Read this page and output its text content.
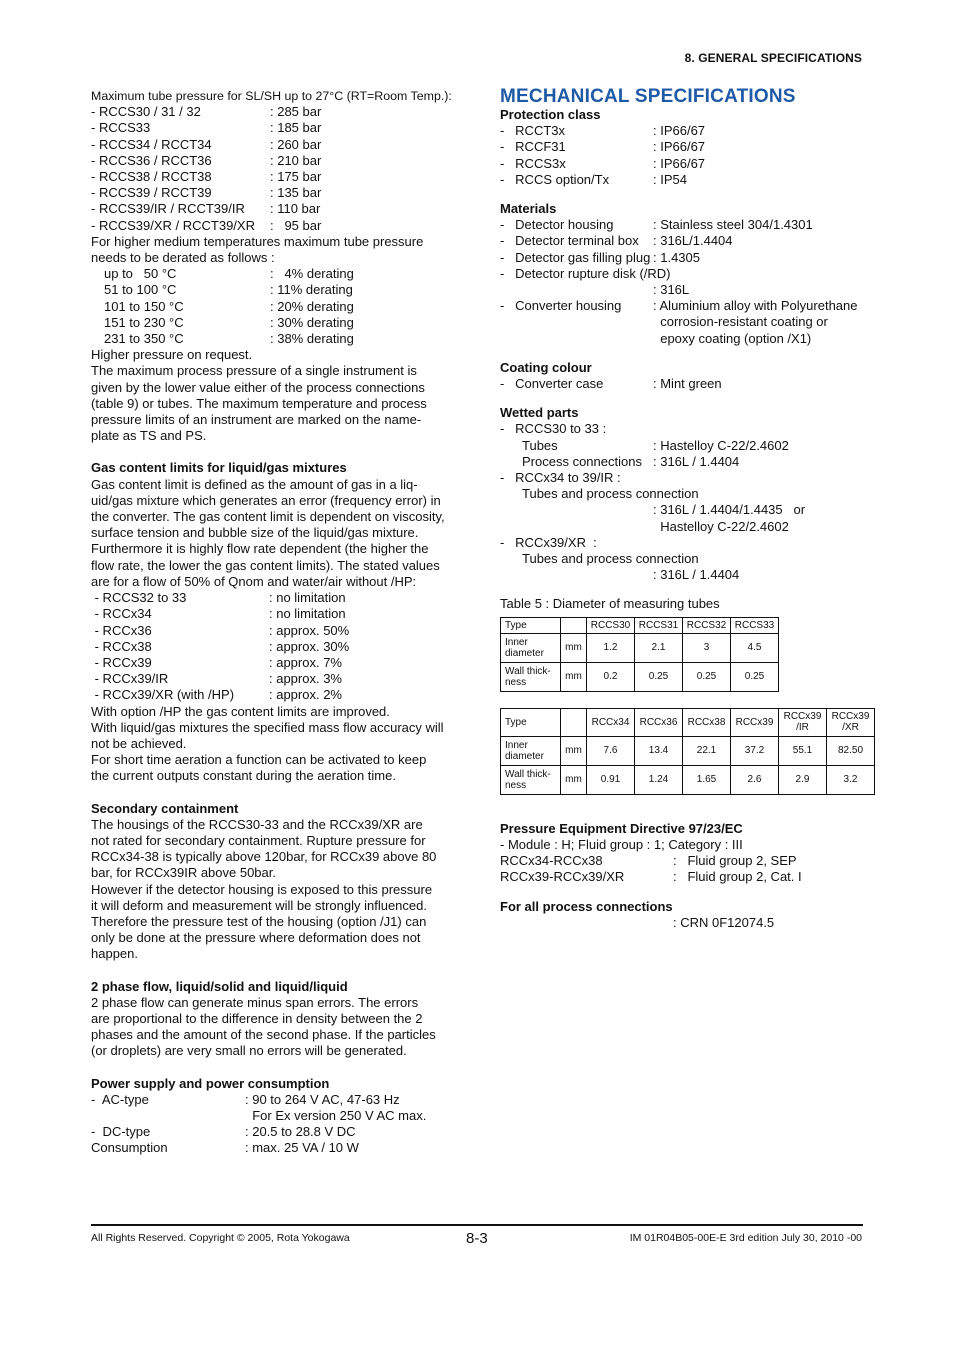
8. GENERAL SPECIFICATIONS
Maximum tube pressure for SL/SH up to 27°C (RT=Room Temp.):
- RCCS30 / 31 / 32	: 285 bar
- RCCS33	: 185 bar
- RCCS34 / RCCT34	: 260 bar
- RCCS36 / RCCT36	: 210 bar
- RCCS38 / RCCT38	: 175 bar
- RCCS39 / RCCT39	: 135 bar
- RCCS39/IR / RCCT39/IR	: 110 bar
- RCCS39/XR / RCCT39/XR	:   95 bar
For higher medium temperatures maximum tube pressure
needs to be derated as follows :
up to   50 °C	:   4% derating
51 to 100 °C	: 11% derating
101 to 150 °C	: 20% derating
151 to 230 °C	: 30% derating
231 to 350 °C	: 38% derating
Higher pressure on request.
The maximum process pressure of a single instrument is
given by the lower value either of the process connections
(table 9) or tubes. The maximum temperature and process
pressure limits of an instrument are marked on the name-
plate as TS and PS.
Gas content limits for liquid/gas mixtures
Gas content limit is defined as the amount of gas in a liq-
uid/gas mixture which generates an error (frequency error) in
the converter. The gas content limit is dependent on viscosity,
surface tension and bubble size of the liquid/gas mixture.
Furthermore it is highly flow rate dependent (the higher the
flow rate, the lower the gas content limits). The stated values
are for a flow of 50% of Qnom and water/air without /HP:
- RCCS32 to 33	: no limitation
- RCCx34	: no limitation
- RCCx36	: approx. 50%
- RCCx38	: approx. 30%
- RCCx39	: approx. 7%
- RCCx39/IR	: approx. 3%
- RCCx39/XR (with /HP)	: approx. 2%
With option /HP the gas content limits are improved.
With liquid/gas mixtures the specified mass flow accuracy will
not be achieved.
For short time aeration a function can be activated to keep
the current outputs constant during the aeration time.
Secondary containment
The housings of the RCCS30-33 and the RCCx39/XR are
not rated for secondary containment. Rupture pressure for
RCCx34-38 is typically above 120bar, for RCCx39 above 80
bar, for RCCx39IR above 50bar.
However if the detector housing is exposed to this pressure
it will deform and measurement will be strongly influenced.
Therefore the pressure test of the housing (option /J1) can
only be done at the pressure where deformation does not
happen.
2 phase flow, liquid/solid and liquid/liquid
2 phase flow can generate minus span errors. The errors
are proportional to the difference in density between the 2
phases and the amount of the second phase. If the particles
(or droplets) are very small no errors will be generated.
Power supply and power consumption
-  AC-type	: 90 to 264 V AC, 47-63 Hz
For Ex version 250 V AC max.
-  DC-type	: 20.5 to 28.8 V DC
Consumption	: max. 25 VA / 10 W
MECHANICAL SPECIFICATIONS
Protection class
-   RCCT3x	: IP66/67
-   RCCF31	: IP66/67
-   RCCS3x	: IP66/67
-   RCCS option/Tx	: IP54
Materials
-   Detector housing	: Stainless steel 304/1.4301
-   Detector terminal box	: 316L/1.4404
-   Detector gas filling plug : 1.4305
-   Detector rupture disk (/RD)
: 316L
-   Converter housing	: Aluminium alloy with Polyurethane
corrosion-resistant coating or
epoxy coating (option /X1)
Coating colour
-   Converter case	: Mint green
Wetted parts
-   RCCS30 to 33 :
Tubes	: Hastelloy C-22/2.4602
Process connections : 316L / 1.4404
-   RCCx34 to 39/IR :
Tubes and process connection
: 316L / 1.4404/1.4435   or
Hastelloy C-22/2.4602
-   RCCx39/XR  :
Tubes and process connection
: 316L / 1.4404
Table 5 : Diameter of measuring tubes
Type		RCCS30	RCCS31	RCCS32	RCCS33
Inner diameter	mm	1.2	2.1	3	4.5
Wall thick-ness	mm	0.2	0.25	0.25	0.25
Type		RCCx34	RCCx36	RCCx38	RCCx39	RCCx39 /IR	RCCx39 /XR
Inner diameter	mm	7.6	13.4	22.1	37.2	55.1	82.50
Wall thick-ness	mm	0.91	1.24	1.65	2.6	2.9	3.2
Pressure Equipment Directive 97/23/EC
- Module : H; Fluid group : 1; Category : III
RCCx34-RCCx38	:   Fluid group 2, SEP
RCCx39-RCCx39/XR	:   Fluid group 2, Cat. I
For all process connections
: CRN 0F12074.5
All Rights Reserved. Copyright © 2005, Rota Yokogawa	8-3	IM 01R04B05-00E-E 3rd edition July 30, 2010 -00
